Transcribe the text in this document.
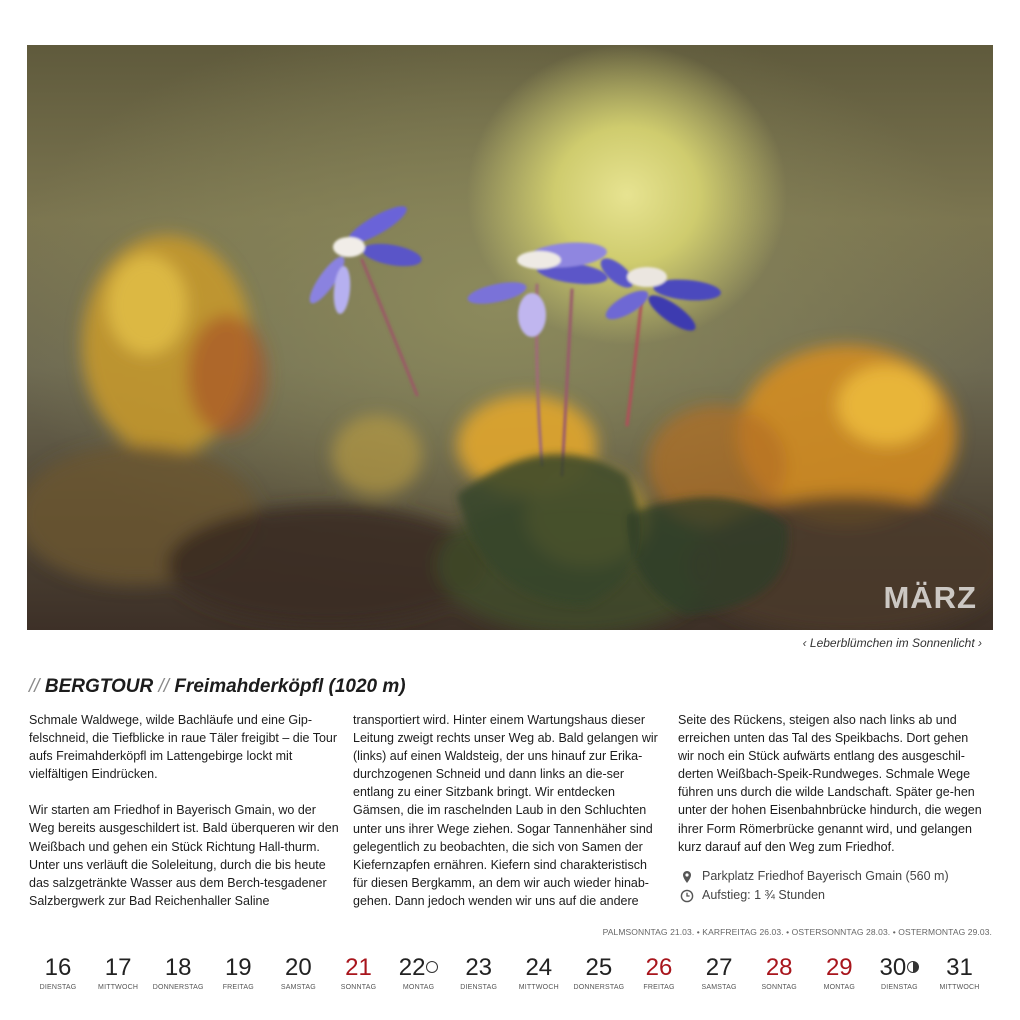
MÄRZ
‹ Leberblümchen im Sonnenlicht ›
// BERGTOUR // Freimahderköpfl (1020 m)

Schmale Waldwege, wilde Bachläufe und eine Gip-felschneid, die Tiefblicke in raue Täler freigibt – die Tour aufs Freimahderköpfl im Lattengebirge lockt mit vielfältigen Eindrücken.

Wir starten am Friedhof in Bayerisch Gmain, wo der Weg bereits ausgeschildert ist. Bald überqueren wir den Weißbach und gehen ein Stück Richtung Hall-thurm. Unter uns verläuft die Soleleitung, durch die bis heute das salzgetränkte Wasser aus dem Berch-tesgadener Salzbergwerk zur Bad Reichenhaller Saline

transportiert wird. Hinter einem Wartungshaus dieser Leitung zweigt rechts unser Weg ab. Bald gelangen wir (links) auf einen Waldsteig, der uns hinauf zur Erika-durchzogenen Schneid und dann links an die-ser entlang zu einer Sitzbank bringt. Wir entdecken Gämsen, die im raschelnden Laub in den Schluchten unter uns ihrer Wege ziehen. Sogar Tannenhäher sind gelegentlich zu beobachten, die sich von Samen der Kiefernzapfen ernähren. Kiefern sind charakteristisch für diesen Bergkamm, an dem wir auch wieder hinab-gehen. Dann jedoch wenden wir uns auf die andere

Seite des Rückens, steigen also nach links ab und erreichen unten das Tal des Speikbachs. Dort gehen wir noch ein Stück aufwärts entlang des ausgeschil-derten Weißbach-Speik-Rundweges. Schmale Wege führen uns durch die wilde Landschaft. Später ge-hen unter der hohen Eisenbahnbrücke hindurch, die wegen ihrer Form Römerbrücke genannt wird, und gelangen kurz darauf auf den Weg zum Friedhof.

Parkplatz Friedhof Bayerisch Gmain (560 m)
Aufstieg: 1 ¾ Stunden
PALMSONNTAG 21.03. • KARFREITAG 26.03. • OSTERSONNTAG 28.03. • OSTERMONTAG 29.03.
16
DIENSTAG
17
MITTWOCH
18
DONNERSTAG
19
FREITAG
20
SAMSTAG
21
SONNTAG
22
MONTAG
23
DIENSTAG
24
MITTWOCH
25
DONNERSTAG
26
FREITAG
27
SAMSTAG
28
SONNTAG
29
MONTAG
30
DIENSTAG
31
MITTWOCH
